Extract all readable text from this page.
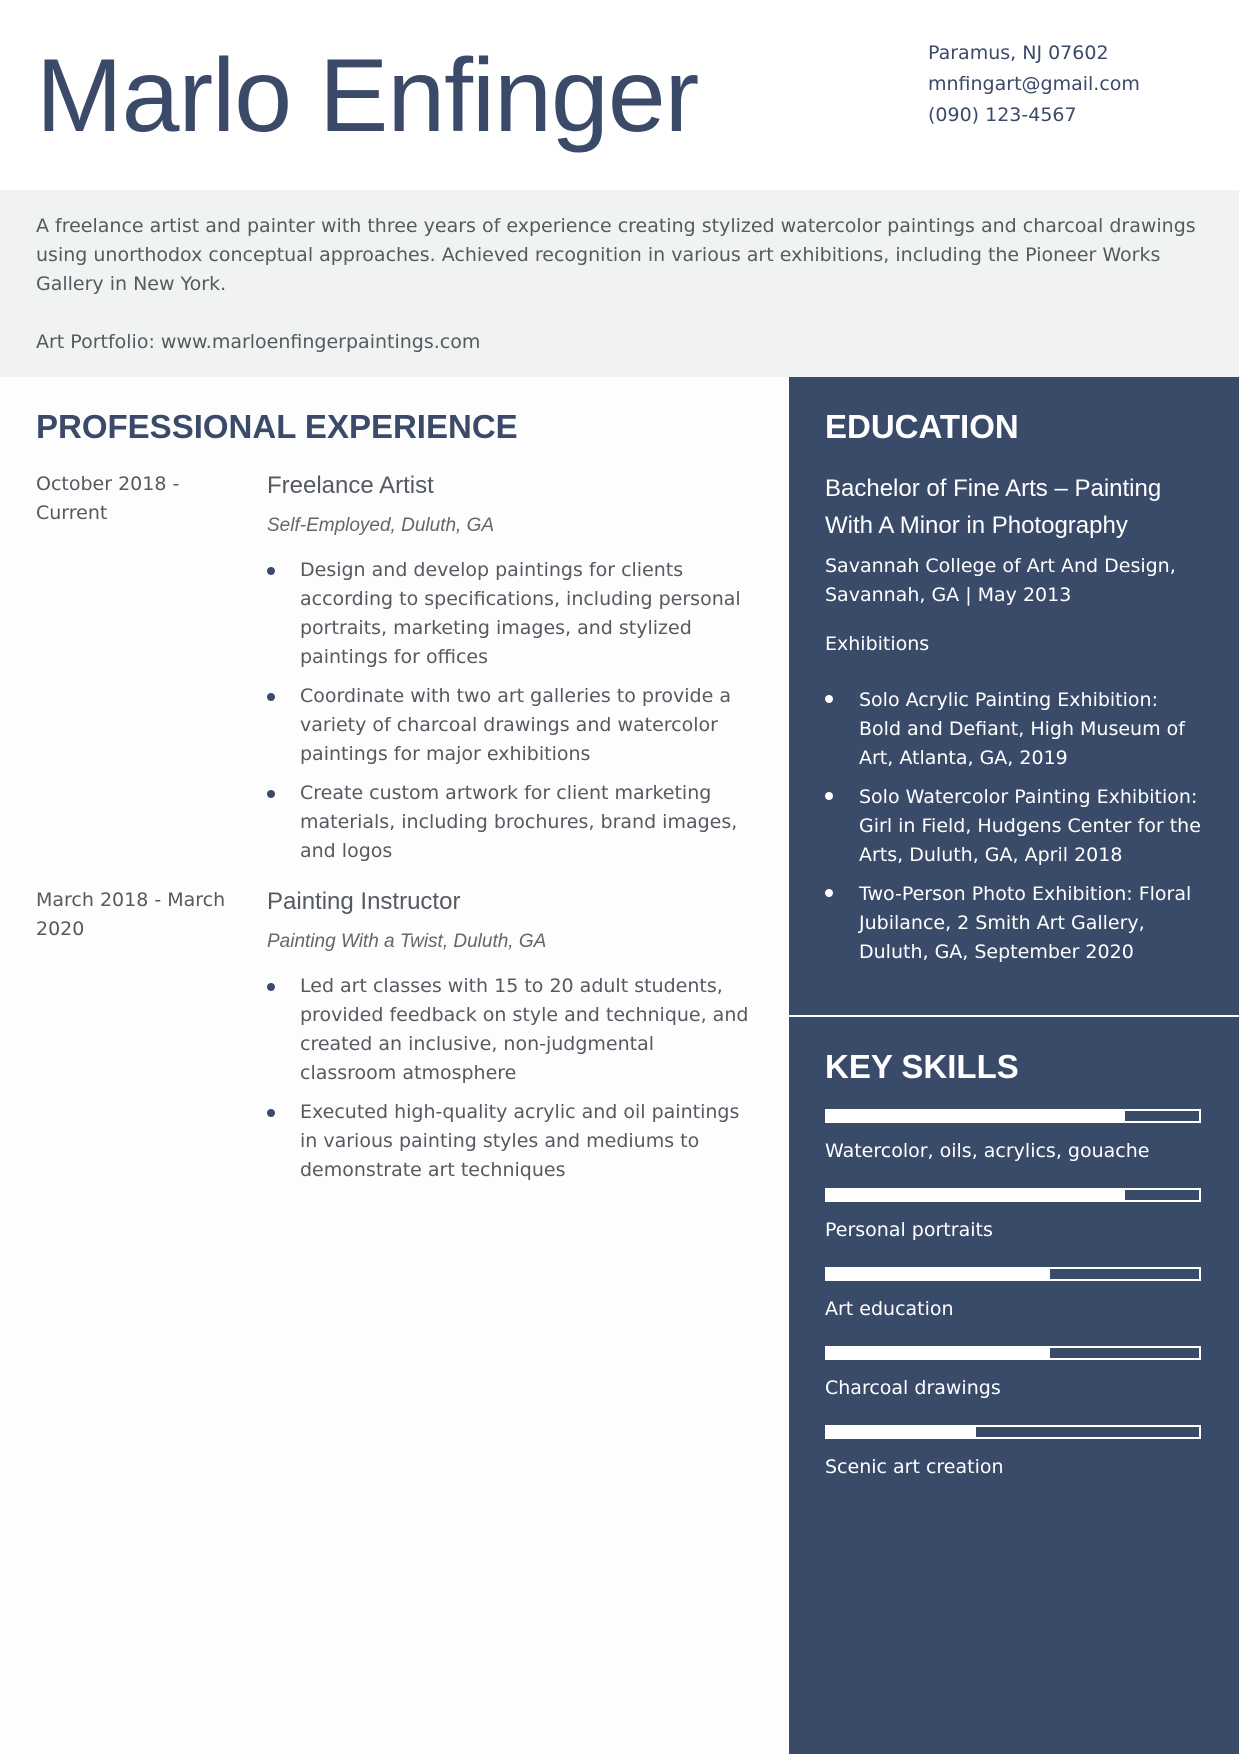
Marlo Enfinger	Paramus, NJ 07602
mnfingart@gmail.com
(090) 123-4567

A freelance artist and painter with three years of experience creating stylized watercolor paintings and charcoal drawings using unorthodox conceptual approaches. Achieved recognition in various art exhibitions, including the Pioneer Works Gallery in New York.

Art Portfolio: www.marloenfingerpaintings.com

PROFESSIONAL EXPERIENCE
October 2018 - Current
Freelance Artist
Self-Employed, Duluth, GA
Design and develop paintings for clients according to specifications, including personal portraits, marketing images, and stylized paintings for offices
Coordinate with two art galleries to provide a variety of charcoal drawings and watercolor paintings for major exhibitions
Create custom artwork for client marketing materials, including brochures, brand images, and logos
March 2018 - March 2020
Painting Instructor
Painting With a Twist, Duluth, GA
Led art classes with 15 to 20 adult students, provided feedback on style and technique, and created an inclusive, non-judgmental classroom atmosphere
Executed high-quality acrylic and oil paintings in various painting styles and mediums to demonstrate art techniques
EDUCATION
Bachelor of Fine Arts – Painting With A Minor in Photography
Savannah College of Art And Design, Savannah, GA | May 2013
Exhibitions
Solo Acrylic Painting Exhibition: Bold and Defiant, High Museum of Art, Atlanta, GA, 2019
Solo Watercolor Painting Exhibition: Girl in Field, Hudgens Center for the Arts, Duluth, GA, April 2018
Two-Person Photo Exhibition: Floral Jubilance, 2 Smith Art Gallery, Duluth, GA, September 2020
KEY SKILLS
Watercolor, oils, acrylics, gouache
Personal portraits
Art education
Charcoal drawings
Scenic art creation
